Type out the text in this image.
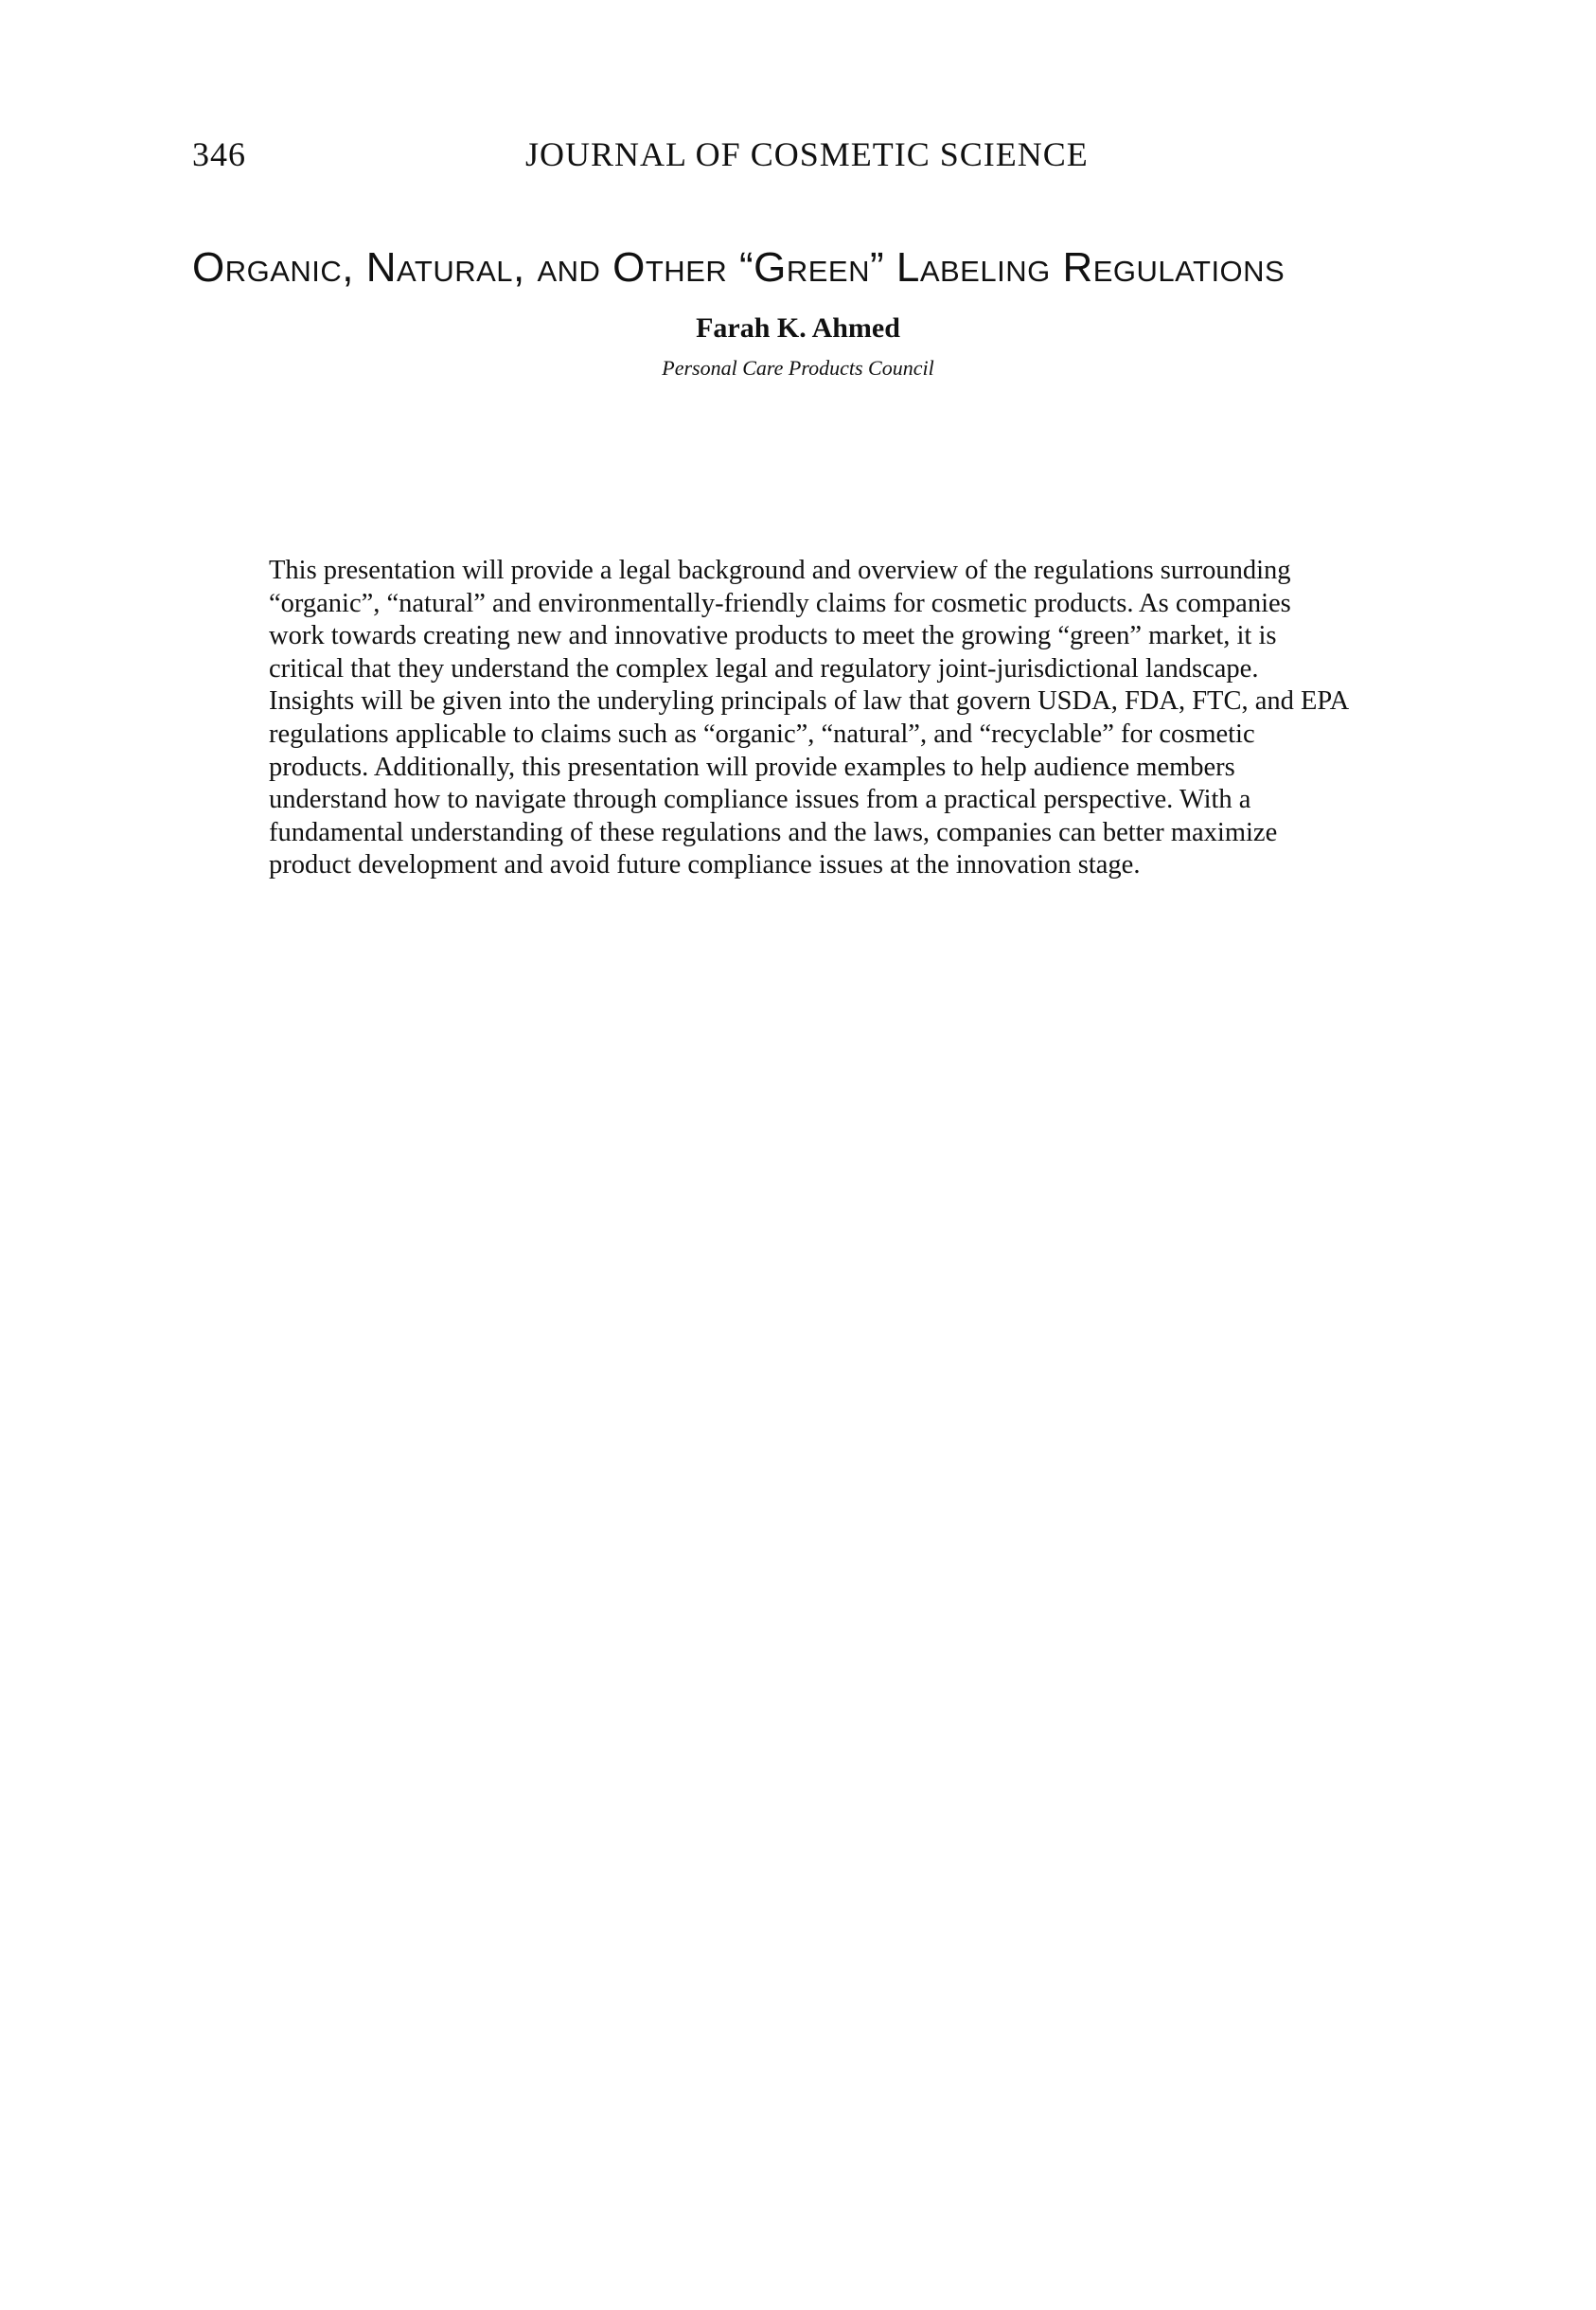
346	JOURNAL OF COSMETIC SCIENCE
Organic, Natural, and Other “Green” Labeling Regulations
Farah K. Ahmed
Personal Care Products Council
This presentation will provide a legal background and overview of the regulations surrounding
“organic”, “natural” and environmentally-friendly claims for cosmetic products. As companies
work towards creating new and innovative products to meet the growing “green” market, it is
critical that they understand the complex legal and regulatory joint-jurisdictional landscape.
Insights will be given into the underyling principals of law that govern USDA, FDA, FTC, and EPA
regulations applicable to claims such as “organic”, “natural”, and “recyclable” for cosmetic
products. Additionally, this presentation will provide examples to help audience members
understand how to navigate through compliance issues from a practical perspective. With a
fundamental understanding of these regulations and the laws, companies can better maximize
product development and avoid future compliance issues at the innovation stage.
